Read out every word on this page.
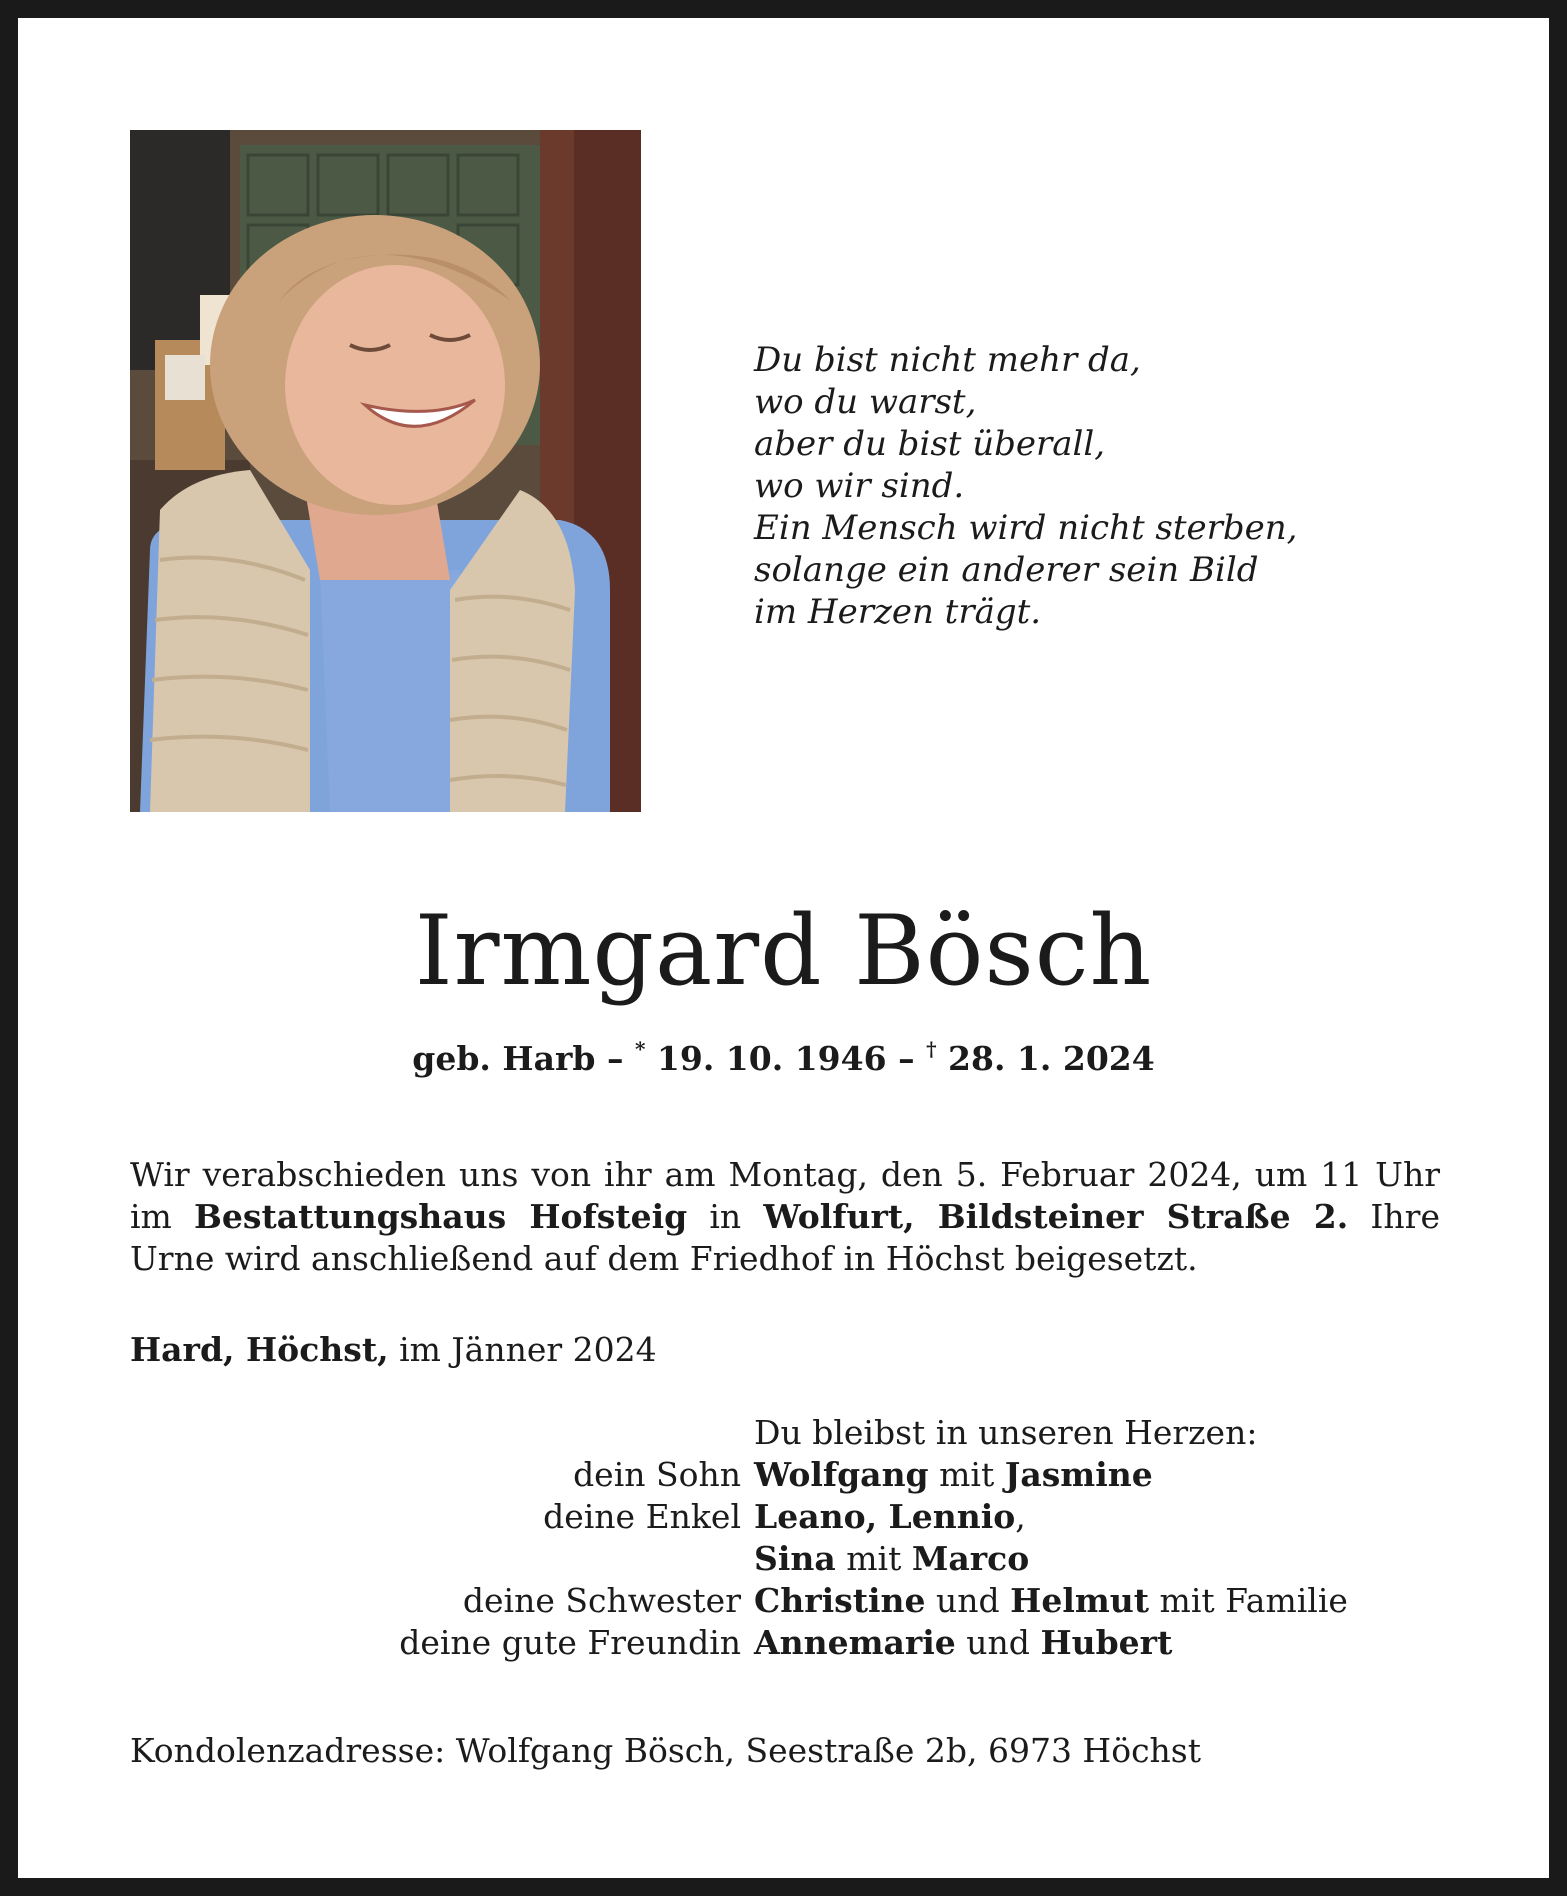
Du bist nicht mehr da,
wo du warst,
aber du bist überall,
wo wir sind.
Ein Mensch wird nicht sterben,
solange ein anderer sein Bild
im Herzen trägt.
Irmgard Bösch
geb. Harb – * 19. 10. 1946 – † 28. 1. 2024
Wir verabschieden uns von ihr am Montag, den 5. Februar 2024, um 11 Uhr im Bestattungshaus Hofsteig in Wolfurt, Bildsteiner Straße 2. Ihre Urne wird anschließend auf dem Friedhof in Höchst beigesetzt.
Hard, Höchst, im Jänner 2024
Du bleibst in unseren Herzen:
dein Sohn Wolfgang mit Jasmine
deine Enkel Leano, Lennio,
Sina mit Marco
deine Schwester Christine und Helmut mit Familie
deine gute Freundin Annemarie und Hubert
Kondolenzadresse: Wolfgang Bösch, Seestraße 2b, 6973 Höchst
